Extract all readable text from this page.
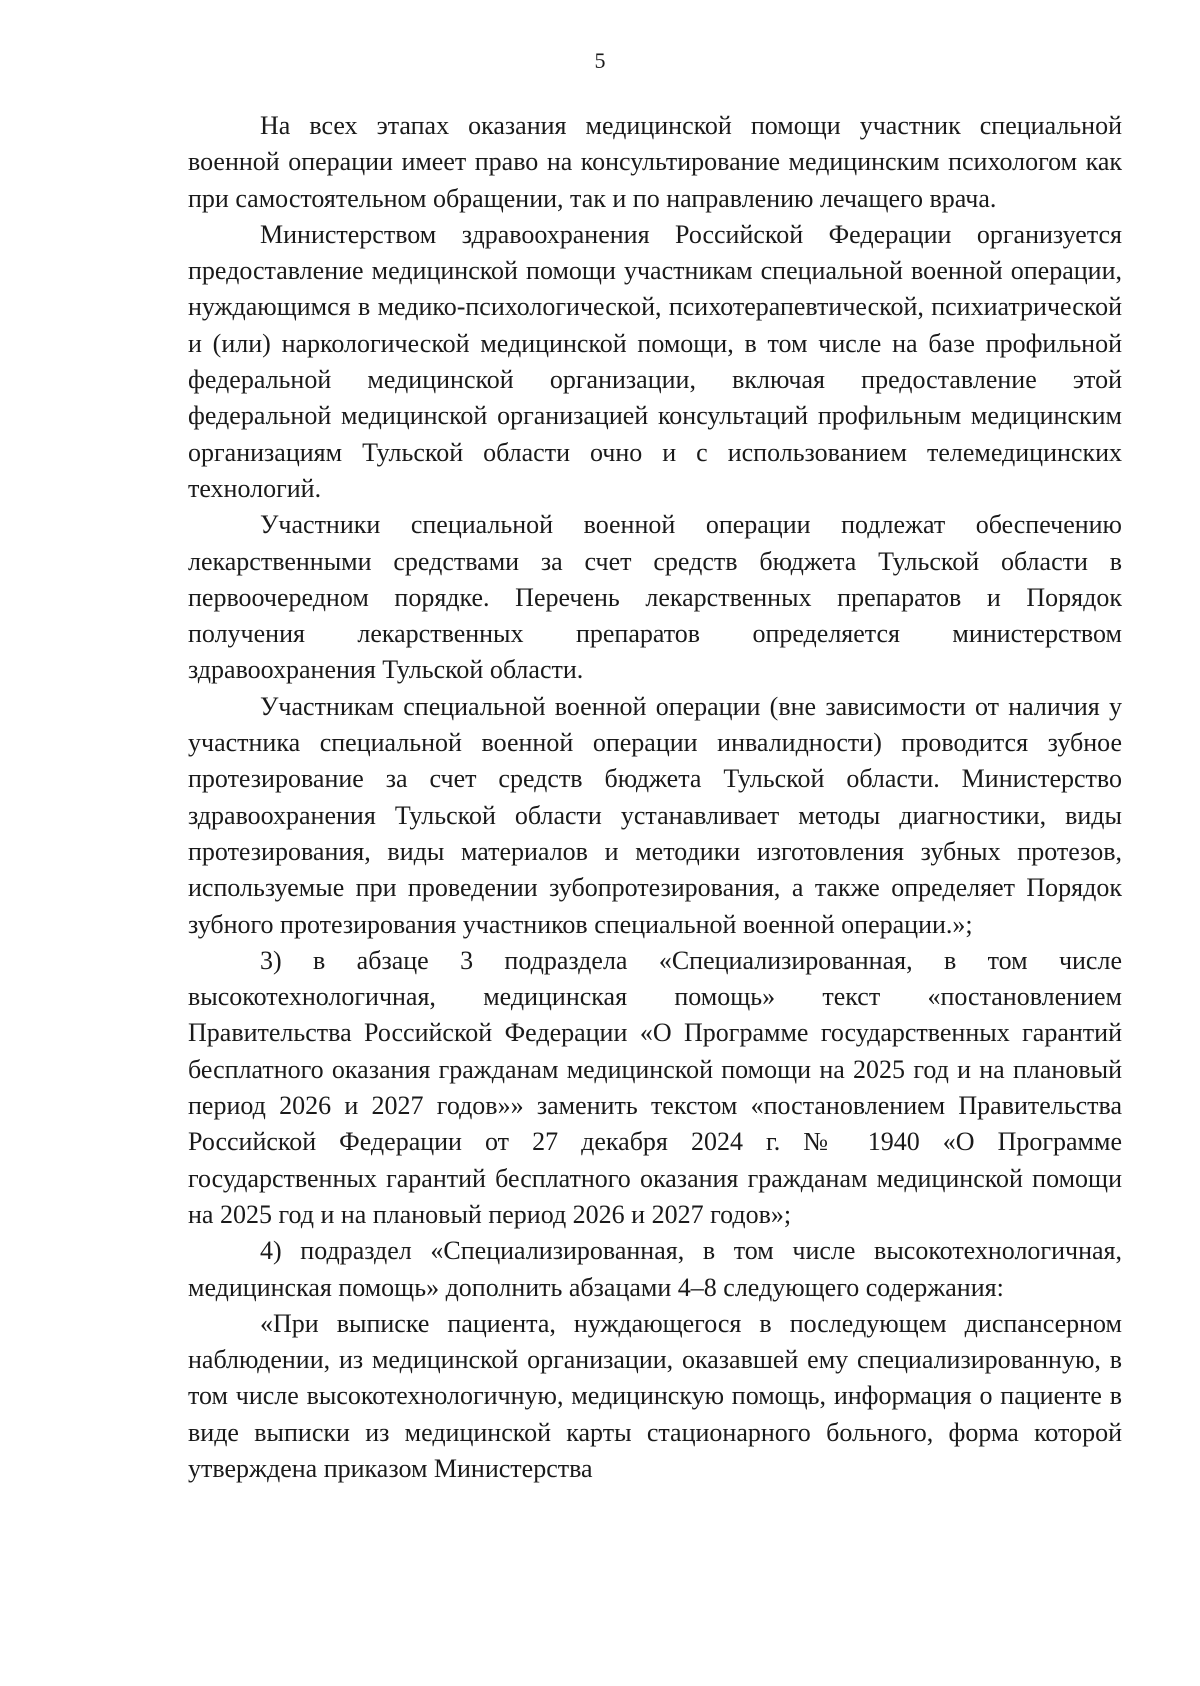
5

На всех этапах оказания медицинской помощи участник специальной военной операции имеет право на консультирование медицинским психологом как при самостоятельном обращении, так и по направлению лечащего врача.

Министерством здравоохранения Российской Федерации организуется предоставление медицинской помощи участникам специальной военной операции, нуждающимся в медико-психологической, психотерапевтической, психиатрической и (или) наркологической медицинской помощи, в том числе на базе профильной федеральной медицинской организации, включая предоставление этой федеральной медицинской организацией консультаций профильным медицинским организациям Тульской области очно и с использованием телемедицинских технологий.

Участники специальной военной операции подлежат обеспечению лекарственными средствами за счет средств бюджета Тульской области в первоочередном порядке. Перечень лекарственных препаратов и Порядок получения лекарственных препаратов определяется министерством здравоохранения Тульской области.

Участникам специальной военной операции (вне зависимости от наличия у участника специальной военной операции инвалидности) проводится зубное протезирование за счет средств бюджета Тульской области. Министерство здравоохранения Тульской области устанавливает методы диагностики, виды протезирования, виды материалов и методики изготовления зубных протезов, используемые при проведении зубопротезирования, а также определяет Порядок зубного протезирования участников специальной военной операции.»;

3) в абзаце 3 подраздела «Специализированная, в том числе высокотехнологичная, медицинская помощь» текст «постановлением Правительства Российской Федерации «О Программе государственных гарантий бесплатного оказания гражданам медицинской помощи на 2025 год и на плановый период 2026 и 2027 годов»» заменить текстом «постановлением Правительства Российской Федерации от 27 декабря 2024 г. № 1940 «О Программе государственных гарантий бесплатного оказания гражданам медицинской помощи на 2025 год и на плановый период 2026 и 2027 годов»;

4) подраздел «Специализированная, в том числе высокотехнологичная, медицинская помощь» дополнить абзацами 4–8 следующего содержания:

«При выписке пациента, нуждающегося в последующем диспансерном наблюдении, из медицинской организации, оказавшей ему специализированную, в том числе высокотехнологичную, медицинскую помощь, информация о пациенте в виде выписки из медицинской карты стационарного больного, форма которой утверждена приказом Министерства
